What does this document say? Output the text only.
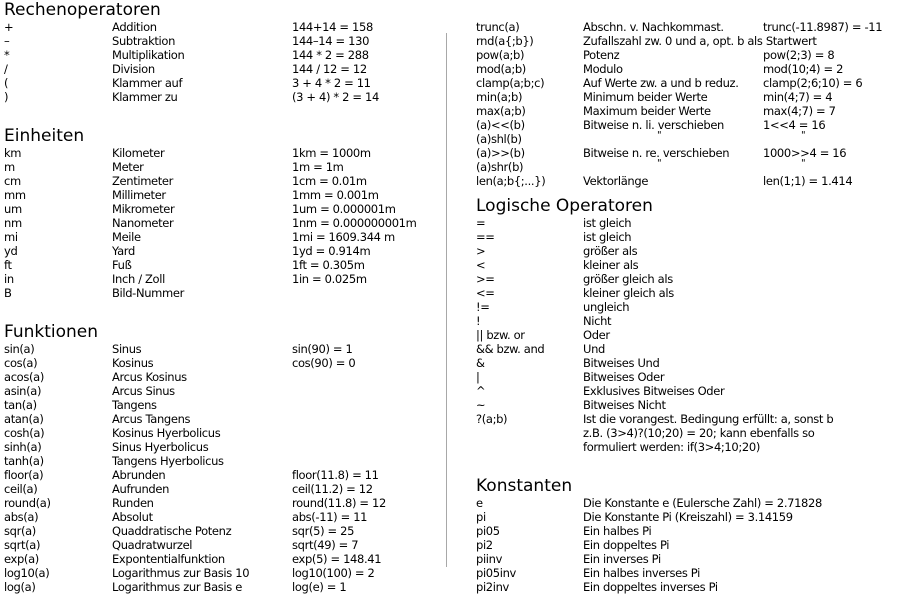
Rechenoperatoren
+	Addition	144+14 = 158
–	Subtraktion	144–14 = 130
*	Multiplikation	144 * 2 = 288
/	Division	144 / 12 = 12
(	Klammer auf	3 + 4 * 2 = 11
)	Klammer zu	(3 + 4) * 2 = 14
Einheiten
km	Kilometer	1km = 1000m
m	Meter	1m = 1m
cm	Zentimeter	1cm = 0.01m
mm	Millimeter	1mm = 0.001m
um	Mikrometer	1um = 0.000001m
nm	Nanometer	1nm = 0.000000001m
mi	Meile	1mi = 1609.344 m
yd	Yard	1yd = 0.914m
ft	Fuß	1ft = 0.305m
in	Inch / Zoll	1in = 0.025m
B	Bild-Nummer
Funktionen
sin(a)	Sinus	sin(90) = 1
cos(a)	Kosinus	cos(90) = 0
acos(a)	Arcus Kosinus
asin(a)	Arcus Sinus
tan(a)	Tangens
atan(a)	Arcus Tangens
cosh(a)	Kosinus Hyerbolicus
sinh(a)	Sinus Hyerbolicus
tanh(a)	Tangens Hyerbolicus
floor(a)	Abrunden	floor(11.8) = 11
ceil(a)	Aufrunden	ceil(11.2) = 12
round(a)	Runden	round(11.8) = 12
abs(a)	Absolut	abs(-11) = 11
sqr(a)	Quaddratische Potenz	sqr(5) = 25
sqrt(a)	Quadratwurzel	sqrt(49) = 7
exp(a)	Expontentialfunktion	exp(5) = 148.41
log10(a)	Logarithmus zur Basis 10	log10(100) = 2
log(a)	Logarithmus zur Basis e	log(e) = 1
trunc(a)	Abschn. v. Nachkommast.	trunc(-11.8987) = -11
rnd(a{;b})	Zufallszahl zw. 0 und a, opt. b als Startwert
pow(a;b)	Potenz	pow(2;3) = 8
mod(a;b)	Modulo	mod(10;4) = 2
clamp(a;b;c)	Auf Werte zw. a und b reduz.	clamp(2;6;10) = 6
min(a;b)	Minimum beider Werte	min(4;7) = 4
max(a;b)	Maximum beider Werte	max(4;7) = 7
(a)<<(b)	Bitweise n. li. verschieben	1<<4 = 16
(a)shl(b)	"	"
(a)>>(b)	Bitweise n. re. verschieben	1000>>4 = 16
(a)shr(b)	"	"
len(a;b{;...})	Vektorlänge	len(1;1) = 1.414
Logische Operatoren
=	ist gleich
==	ist gleich
>	größer als
<	kleiner als
>=	größer gleich als
<=	kleiner gleich als
!=	ungleich
!	Nicht
|| bzw. or	Oder
&& bzw. and	Und
&	Bitweises Und
|	Bitweises Oder
^	Exklusives Bitweises Oder
~	Bitweises Nicht
?(a;b)	Ist die vorangest. Bedingung erfüllt: a, sonst b
z.B. (3>4)?(10;20) = 20; kann ebenfalls so
formuliert werden: if(3>4;10;20)
Konstanten
e	Die Konstante e (Eulersche Zahl) = 2.71828
pi	Die Konstante Pi (Kreiszahl) = 3.14159
pi05	Ein halbes Pi
pi2	Ein doppeltes Pi
piinv	Ein inverses Pi
pi05inv	Ein halbes inverses Pi
pi2inv	Ein doppeltes inverses Pi
